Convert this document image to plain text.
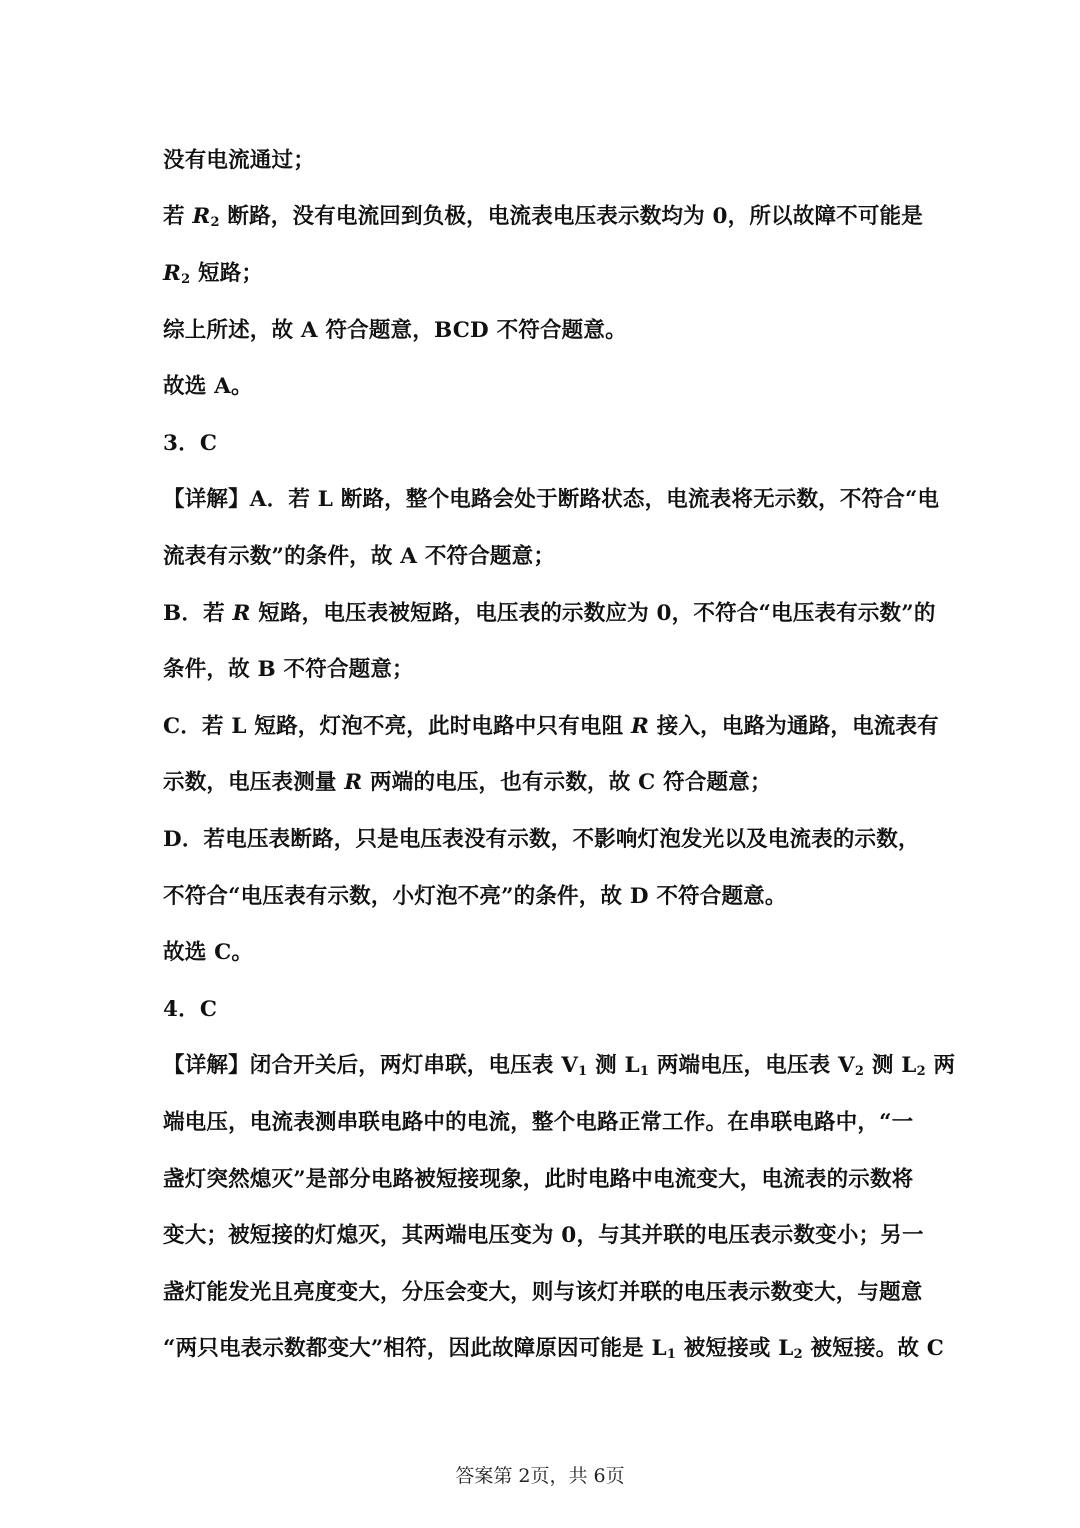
没有电流通过；
若 $R_2$ 断路，没有电流回到负极，电流表电压表示数均为 0，所以故障不可能是
$R_2$ 短路；
综上所述，故 A 符合题意，BCD 不符合题意。
故选 A。
3．C
【详解】A．若 L 断路，整个电路会处于断路状态，电流表将无示数，不符合“电
流表有示数”的条件，故 A 不符合题意；
B．若 R 短路，电压表被短路，电压表的示数应为 0，不符合“电压表有示数”的
条件，故 B 不符合题意；
C．若 L 短路，灯泡不亮，此时电路中只有电阻 R 接入，电路为通路，电流表有
示数，电压表测量 R 两端的电压，也有示数，故 C 符合题意；
D．若电压表断路，只是电压表没有示数，不影响灯泡发光以及电流表的示数，
不符合“电压表有示数，小灯泡不亮”的条件，故 D 不符合题意。
故选 C。
4．C
【详解】闭合开关后，两灯串联，电压表 $V_1$ 测 $L_1$ 两端电压，电压表 $V_2$ 测 $L_2$ 两
端电压，电流表测串联电路中的电流，整个电路正常工作。在串联电路中，“一
盏灯突然熄灭”是部分电路被短接现象，此时电路中电流变大，电流表的示数将
变大；被短接的灯熄灭，其两端电压变为 0，与其并联的电压表示数变小；另一
盏灯能发光且亮度变大，分压会变大，则与该灯并联的电压表示数变大，与题意
“两只电表示数都变大”相符，因此故障原因可能是 $L_1$ 被短接或 $L_2$ 被短接。故 C
答案第 2页，共 6页
